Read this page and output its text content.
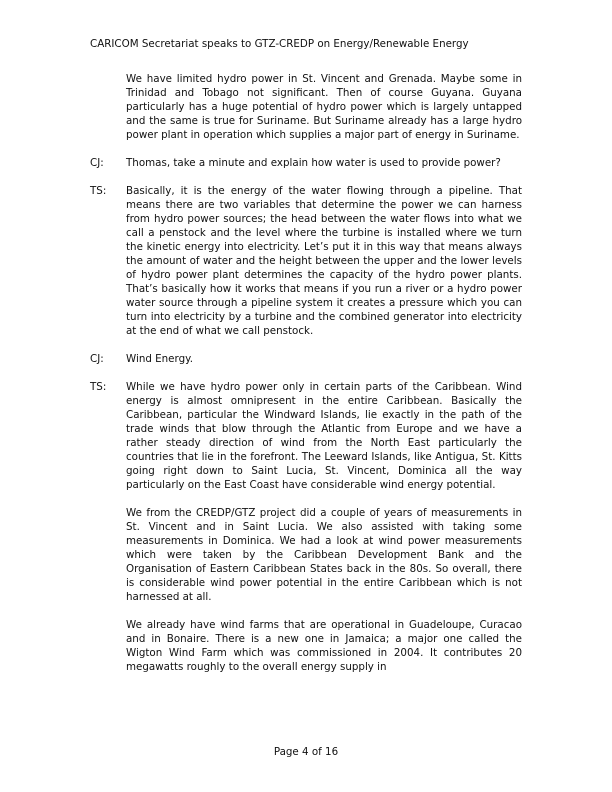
CARICOM Secretariat speaks to GTZ-CREDP on Energy/Renewable Energy

We have limited hydro power in St. Vincent and Grenada. Maybe some in Trinidad and Tobago not significant. Then of course Guyana. Guyana particularly has a huge potential of hydro power which is largely untapped and the same is true for Suriname. But Suriname already has a large hydro power plant in operation which supplies a major part of energy in Suriname.

CJ:	Thomas, take a minute and explain how water is used to provide power?
TS:	Basically, it is the energy of the water flowing through a pipeline. That means there are two variables that determine the power we can harness from hydro power sources; the head between the water flows into what we call a penstock and the level where the turbine is installed where we turn the kinetic energy into electricity. Let’s put it in this way that means always the amount of water and the height between the upper and the lower levels of hydro power plant determines the capacity of the hydro power plants. That’s basically how it works that means if you run a river or a hydro power water source through a pipeline system it creates a pressure which you can turn into electricity by a turbine and the combined generator into electricity at the end of what we call penstock.
CJ:	Wind Energy.
TS:	While we have hydro power only in certain parts of the Caribbean. Wind energy is almost omnipresent in the entire Caribbean. Basically the Caribbean, particular the Windward Islands, lie exactly in the path of the trade winds that blow through the Atlantic from Europe and we have a rather steady direction of wind from the North East particularly the countries that lie in the forefront. The Leeward Islands, like Antigua, St. Kitts going right down to Saint Lucia, St. Vincent, Dominica all the way particularly on the East Coast have considerable wind energy potential.

We from the CREDP/GTZ project did a couple of years of measurements in St. Vincent and in Saint Lucia. We also assisted with taking some measurements in Dominica. We had a look at wind power measurements which were taken by the Caribbean Development Bank and the Organisation of Eastern Caribbean States back in the 80s. So overall, there is considerable wind power potential in the entire Caribbean which is not harnessed at all.

We already have wind farms that are operational in Guadeloupe, Curacao and in Bonaire. There is a new one in Jamaica; a major one called the Wigton Wind Farm which was commissioned in 2004. It contributes 20 megawatts roughly to the overall energy supply in

Page 4 of 16
